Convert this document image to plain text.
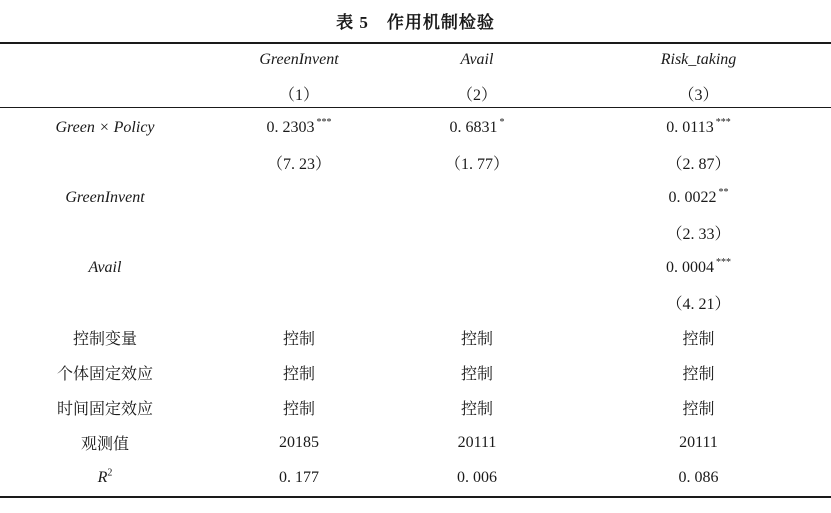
表 5　作用机制检验
	GreenInvent	Avail	Risk_taking
	（1）	（2）	（3）

Green × Policy	0. 2303 ***	0. 6831 *	0. 0113 ***
	（7. 23）	（1. 77）	（2. 87）
GreenInvent			0. 0022 **
			（2. 33）
Avail			0. 0004 ***
			（4. 21）
控制变量	控制	控制	控制
个体固定效应	控制	控制	控制
时间固定效应	控制	控制	控制
观测值	20185	20111	20111
$R^2$	0. 177	0. 006	0. 086
